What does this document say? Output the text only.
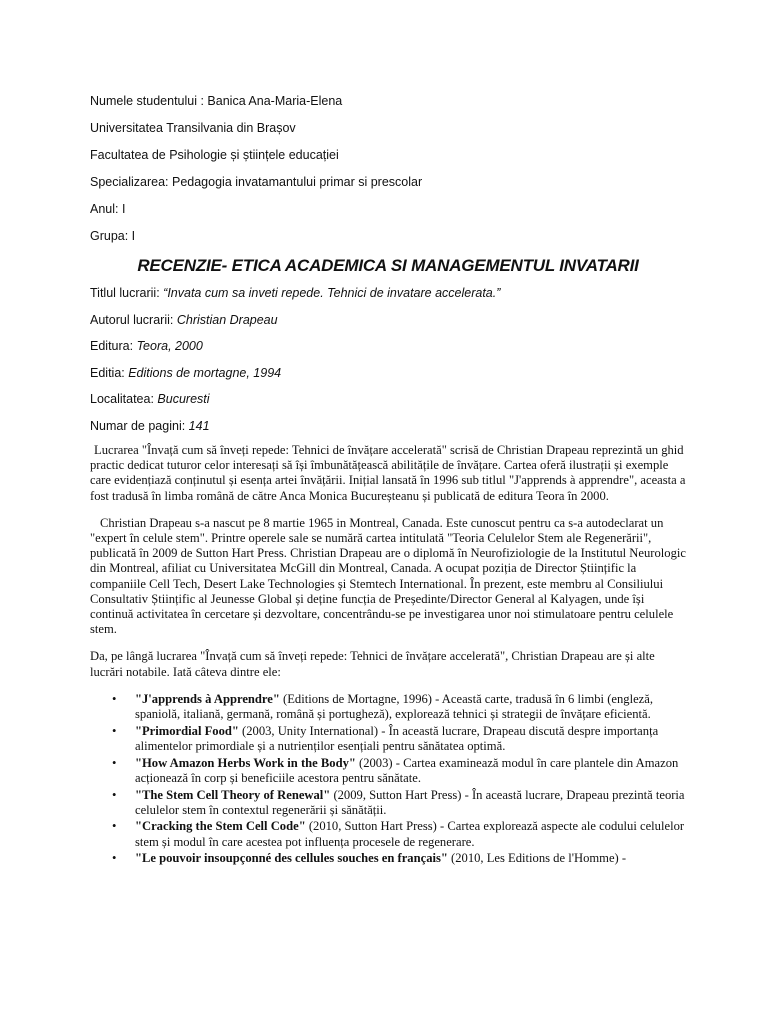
Numele studentului : Banica Ana-Maria-Elena
Universitatea Transilvania din Brașov
Facultatea de Psihologie și științele educației
Specializarea: Pedagogia invatamantului primar si prescolar
Anul: I
Grupa: I
RECENZIE- ETICA ACADEMICA SI MANAGEMENTUL INVATARII
Titlul lucrarii: “Invata cum sa inveti repede. Tehnici de invatare accelerata.”
Autorul lucrarii: Christian Drapeau
Editura: Teora, 2000
Editia: Editions de mortagne, 1994
Localitatea: Bucuresti
Numar de pagini: 141

Lucrarea "Învață cum să înveți repede: Tehnici de învățare accelerată" scrisă de Christian Drapeau reprezintă un ghid practic dedicat tuturor celor interesați să își îmbunătățească abilitățile de învățare. Cartea oferă ilustrații și exemple care evidențiază conținutul și esența artei învățării. Inițial lansată în 1996 sub titlul "J'apprends à apprendre", aceasta a fost tradusă în limba română de către Anca Monica Bucureșteanu și publicată de editura Teora în 2000.

Christian Drapeau s-a nascut pe 8 martie 1965 in Montreal, Canada. Este cunoscut pentru ca s-a autodeclarat un "expert în celule stem". Printre operele sale se numără cartea intitulată "Teoria Celulelor Stem ale Regenerării", publicată în 2009 de Sutton Hart Press. Christian Drapeau are o diplomă în Neurofiziologie de la Institutul Neurologic din Montreal, afiliat cu Universitatea McGill din Montreal, Canada. A ocupat poziția de Director Științific la companiile Cell Tech, Desert Lake Technologies și Stemtech International. În prezent, este membru al Consiliului Consultativ Științific al Jeunesse Global și deține funcția de Președinte/Director General al Kalyagen, unde își continuă activitatea în cercetare și dezvoltare, concentrându-se pe investigarea unor noi stimulatoare pentru celulele stem.

Da, pe lângă lucrarea "Învață cum să înveți repede: Tehnici de învățare accelerată", Christian Drapeau are și alte lucrări notabile. Iată câteva dintre ele:

• "J'apprends à Apprendre" (Editions de Mortagne, 1996) - Această carte, tradusă în 6 limbi (engleză, spaniolă, italiană, germană, română și portugheză), explorează tehnici și strategii de învățare eficientă.
• "Primordial Food" (2003, Unity International) - În această lucrare, Drapeau discută despre importanța alimentelor primordiale și a nutrienților esențiali pentru sănătatea optimă.
• "How Amazon Herbs Work in the Body" (2003) - Cartea examinează modul în care plantele din Amazon acționează în corp și beneficiile acestora pentru sănătate.
• "The Stem Cell Theory of Renewal" (2009, Sutton Hart Press) - În această lucrare, Drapeau prezintă teoria celulelor stem în contextul regenerării și sănătății.
• "Cracking the Stem Cell Code" (2010, Sutton Hart Press) - Cartea explorează aspecte ale codului celulelor stem și modul în care acestea pot influența procesele de regenerare.
• "Le pouvoir insoupçonné des cellules souches en français" (2010, Les Editions de l'Homme) -
